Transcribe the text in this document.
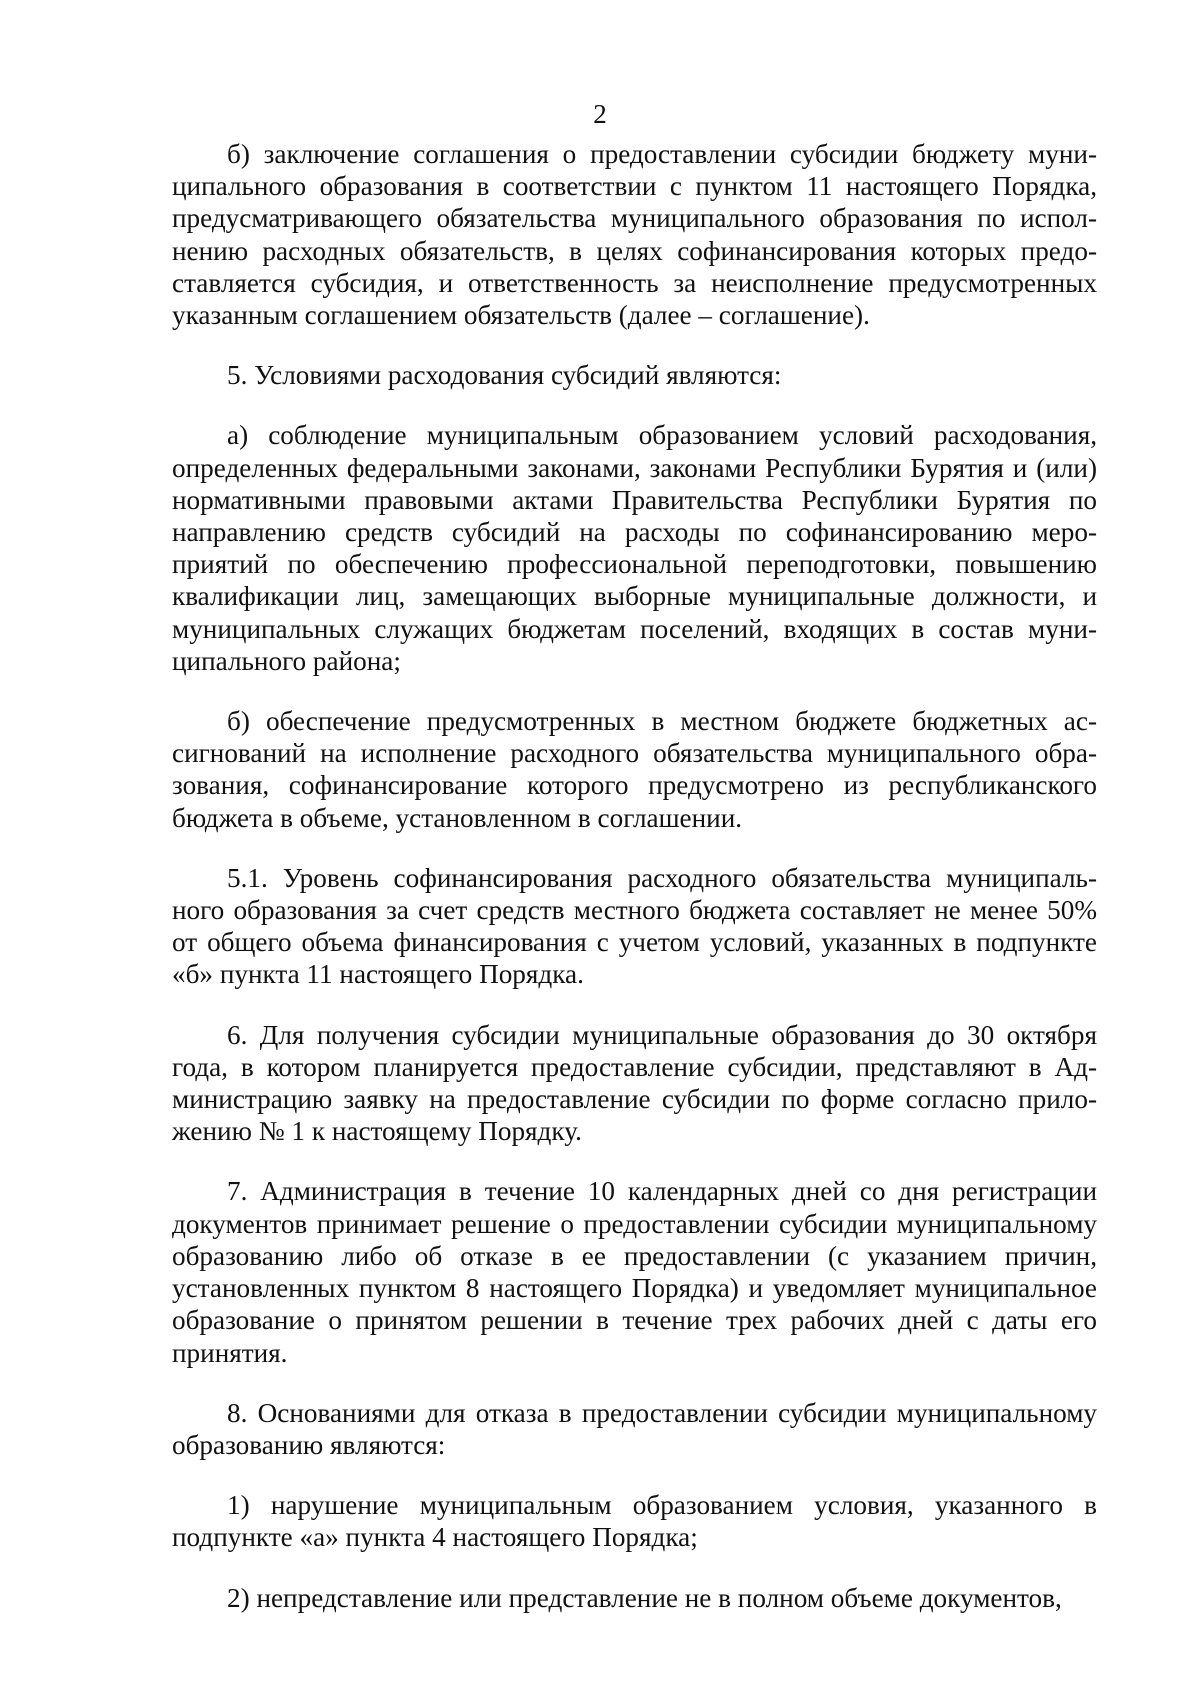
2

б) заключение соглашения о предоставлении субсидии бюджету муниципального образования в соответствии с пунктом 11 настоящего Порядка, предусматривающего обязательства муниципального образования по исполнению расходных обязательств, в целях софинансирования которых предоставляется субсидия, и ответственность за неисполнение предусмотренных указанным соглашением обязательств (далее – соглашение).

5. Условиями расходования субсидий являются:

а) соблюдение муниципальным образованием условий расходования, определенных федеральными законами, законами Республики Бурятия и (или) нормативными правовыми актами Правительства Республики Бурятия по направлению средств субсидий на расходы по софинансированию мероприятий по обеспечению профессиональной переподготовки, повышению квалификации лиц, замещающих выборные муниципальные должности, и муниципальных служащих бюджетам поселений, входящих в состав муниципального района;

б) обеспечение предусмотренных в местном бюджете бюджетных ассигнований на исполнение расходного обязательства муниципального образования, софинансирование которого предусмотрено из республиканского бюджета в объеме, установленном в соглашении.

5.1. Уровень софинансирования расходного обязательства муниципального образования за счет средств местного бюджета составляет не менее 50% от общего объема финансирования с учетом условий, указанных в подпункте «б» пункта 11 настоящего Порядка.

6. Для получения субсидии муниципальные образования до 30 октября года, в котором планируется предоставление субсидии, представляют в Администрацию заявку на предоставление субсидии по форме согласно приложению № 1 к настоящему Порядку.

7. Администрация в течение 10 календарных дней со дня регистрации документов принимает решение о предоставлении субсидии муниципальному образованию либо об отказе в ее предоставлении (с указанием причин, установленных пунктом 8 настоящего Порядка) и уведомляет муниципальное образование о принятом решении в течение трех рабочих дней с даты его принятия.

8. Основаниями для отказа в предоставлении субсидии муниципальному образованию являются:

1) нарушение муниципальным образованием условия, указанного в подпункте «а» пункта 4 настоящего Порядка;

2) непредставление или представление не в полном объеме документов,
